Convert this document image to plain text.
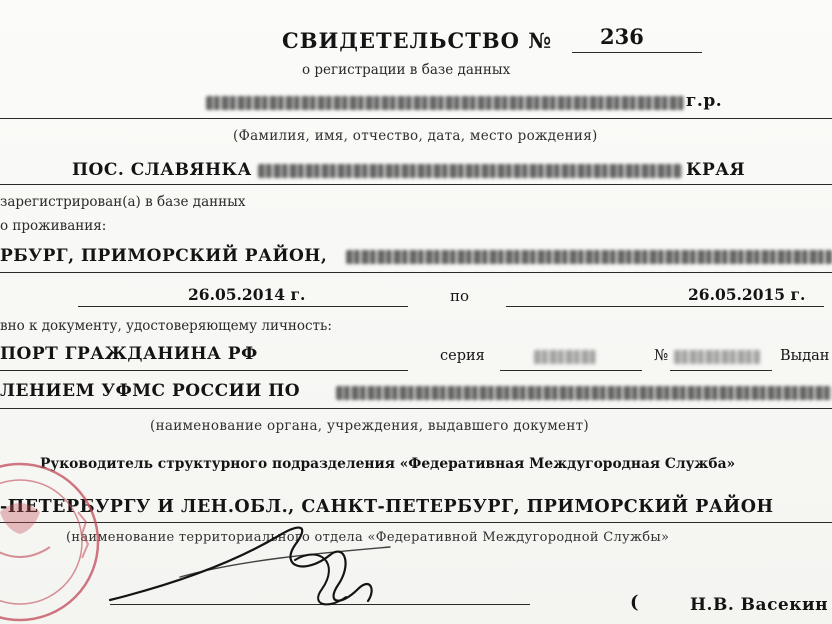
СВИДЕТЕЛЬСТВО № 236
о регистрации в базе данных
г.р.
(Фамилия, имя, отчество, дата, место рождения)
ПОС. СЛАВЯНКА	КРАЯ
зарегистрирован(а) в базе данных
о проживания:
РБУРГ, ПРИМОРСКИЙ РАЙОН,
26.05.2014 г.	по	26.05.2015 г.
вно к документу, удостоверяющему личность:
ПОРТ ГРАЖДАНИНА РФ	серия	№	Выдан
ЛЕНИЕМ УФМС РОССИИ ПО
(наименование органа, учреждения, выдавшего документ)
Руководитель структурного подразделения «Федеративная Междугородная Служба»
-ПЕТЕРБУРГУ И ЛЕН.ОБЛ., САНКТ-ПЕТЕРБУРГ, ПРИМОРСКИЙ РАЙОН
(наименование территориального отдела «Федеративной Междугородной Службы»
(	Н.В. Васекин
